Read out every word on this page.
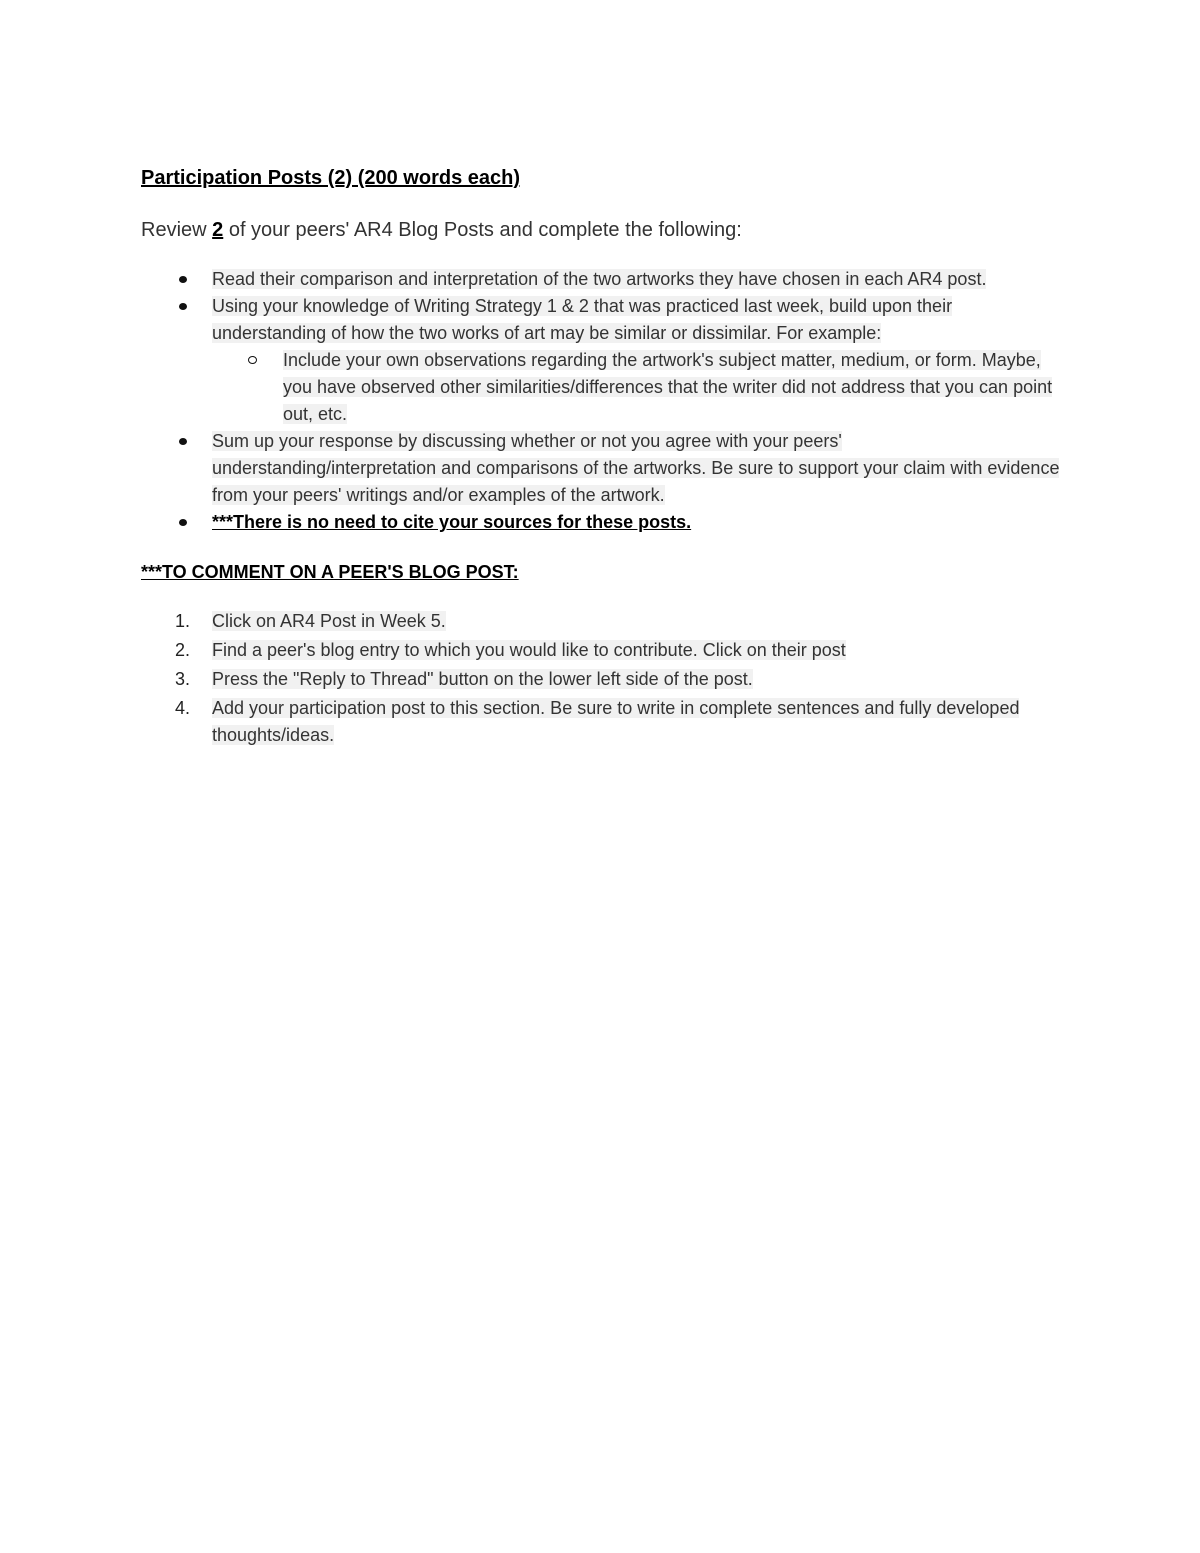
Participation Posts (2) (200 words each)

Review 2 of your peers' AR4 Blog Posts and complete the following:

Read their comparison and interpretation of the two artworks they have chosen in each AR4 post.
Using your knowledge of Writing Strategy 1 & 2 that was practiced last week, build upon their understanding of how the two works of art may be similar or dissimilar. For example:
Include your own observations regarding the artwork's subject matter, medium, or form. Maybe, you have observed other similarities/differences that the writer did not address that you can point out, etc.
Sum up your response by discussing whether or not you agree with your peers' understanding/interpretation and comparisons of the artworks. Be sure to support your claim with evidence from your peers' writings and/or examples of the artwork.
***There is no need to cite your sources for these posts.

***TO COMMENT ON A PEER'S BLOG POST:

1. Click on AR4 Post in Week 5.
2. Find a peer's blog entry to which you would like to contribute. Click on their post
3. Press the "Reply to Thread" button on the lower left side of the post.
4. Add your participation post to this section. Be sure to write in complete sentences and fully developed thoughts/ideas.
